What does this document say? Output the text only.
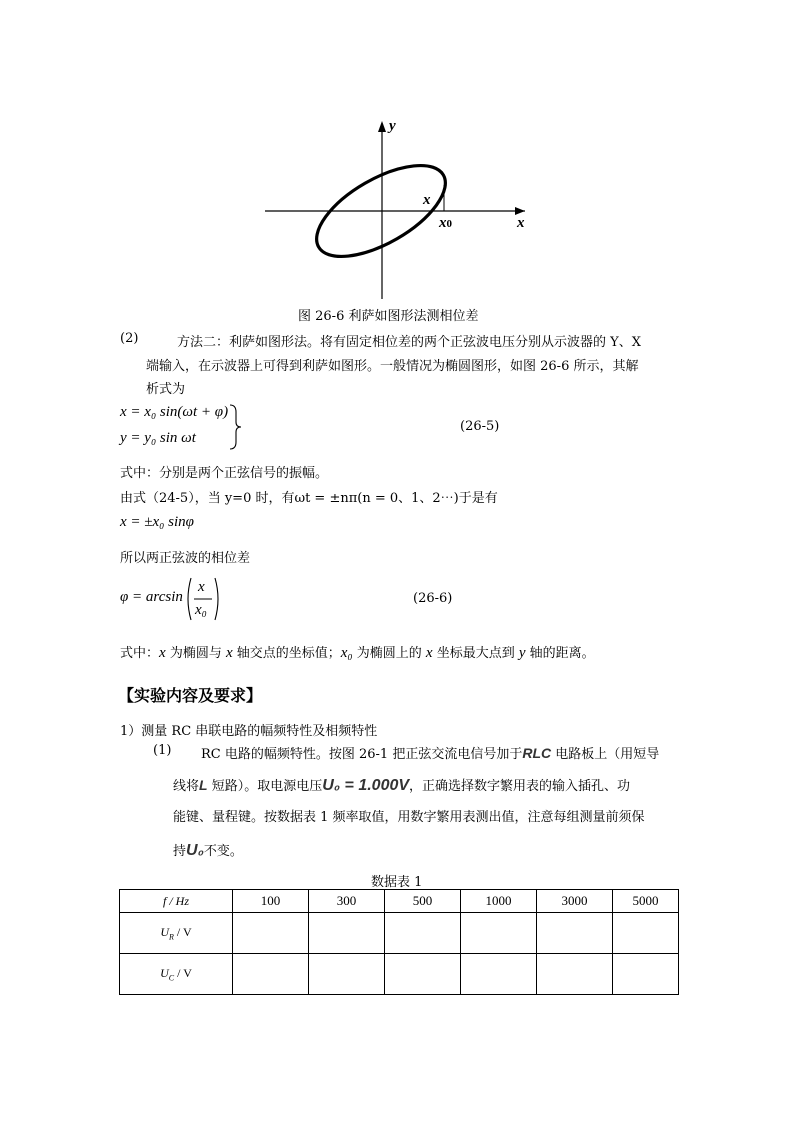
y
x
x0	x
图 26-6 利萨如图形法测相位差
(2)	方法二：利萨如图形法。将有固定相位差的两个正弦波电压分别从示波器的 Y、X
端输入，在示波器上可得到利萨如图形。一般情况为椭圆图形，如图 26-6 所示，其解
析式为
x = x₀ sin(ωt + φ)
y = y₀ sin ωt
(26-5)
式中：分别是两个正弦信号的振幅。
由式（24-5），当 y=0 时，有ωt = ±nπ(n = 0、1、2⋯)于是有
x = ±x₀ sinφ
所以两正弦波的相位差
φ = arcsin
x
x₀
(26-6)
式中：x 为椭圆与 x 轴交点的坐标值；x₀ 为椭圆上的 x 坐标最大点到 y 轴的距离。
【实验内容及要求】
1）测量 RC 串联电路的幅频特性及相频特性
(1) RC 电路的幅频特性。按图 26-1 把正弦交流电信号加于RLC 电路板上（用短导
线将L 短路）。取电源电压U₀ = 1.000V，正确选择数字繁用表的输入插孔、功
能键、量程键。按数据表 1 频率取值，用数字繁用表测出值，注意每组测量前须保
持U₀不变。
数据表 1
f / Hz	100	300	500	1000	3000	5000
$U_R$ / V						
$U_C$ / V						
